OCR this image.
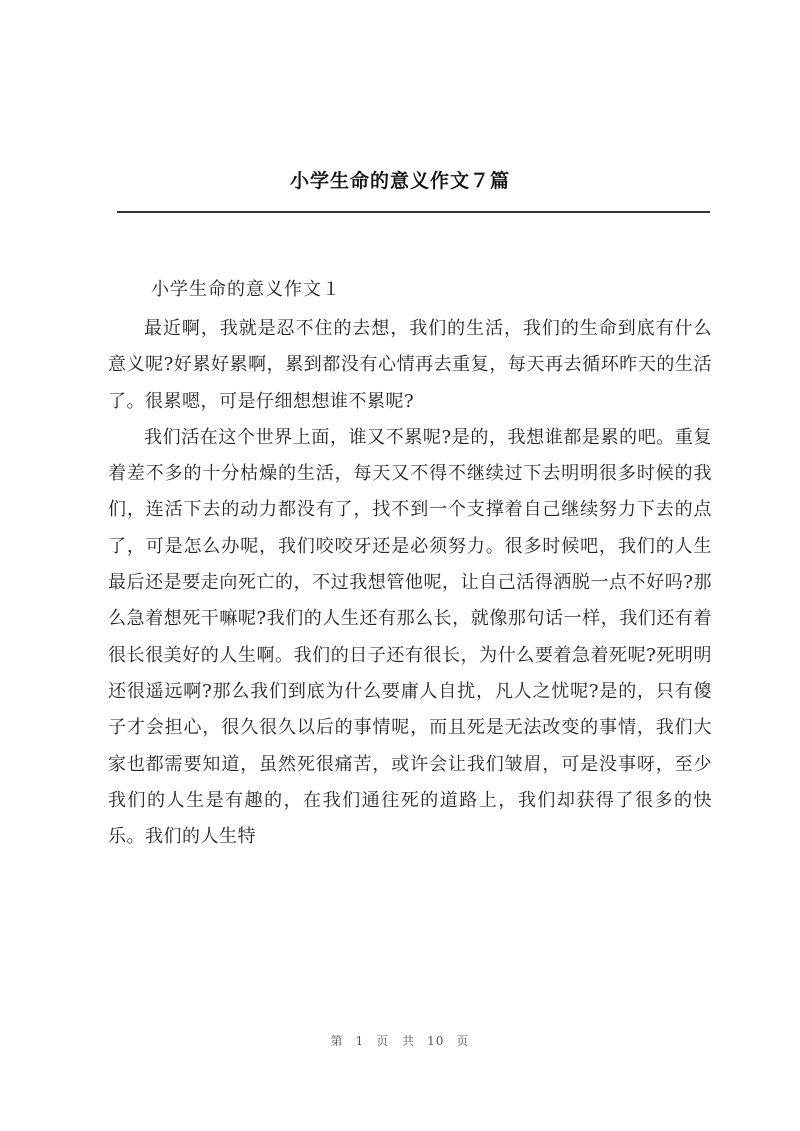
小学生命的意义作文７篇
小学生命的意义作文１

最近啊，我就是忍不住的去想，我们的生活，我们的生命到底有什么意义呢?好累好累啊，累到都没有心情再去重复，每天再去循环昨天的生活了。很累嗯，可是仔细想想谁不累呢?

我们活在这个世界上面，谁又不累呢?是的，我想谁都是累的吧。重复着差不多的十分枯燥的生活，每天又不得不继续过下去明明很多时候的我们，连活下去的动力都没有了，找不到一个支撑着自己继续努力下去的点了，可是怎么办呢，我们咬咬牙还是必须努力。很多时候吧，我们的人生最后还是要走向死亡的，不过我想管他呢，让自己活得洒脱一点不好吗?那么急着想死干嘛呢?我们的人生还有那么长，就像那句话一样，我们还有着很长很美好的人生啊。我们的日子还有很长，为什么要着急着死呢?死明明还很遥远啊?那么我们到底为什么要庸人自扰，凡人之忧呢?是的，只有傻子才会担心，很久很久以后的事情呢，而且死是无法改变的事情，我们大家也都需要知道，虽然死很痛苦，或许会让我们皱眉，可是没事呀，至少我们的人生是有趣的，在我们通往死的道路上，我们却获得了很多的快乐。我们的人生特

第 1 页 共 10 页
